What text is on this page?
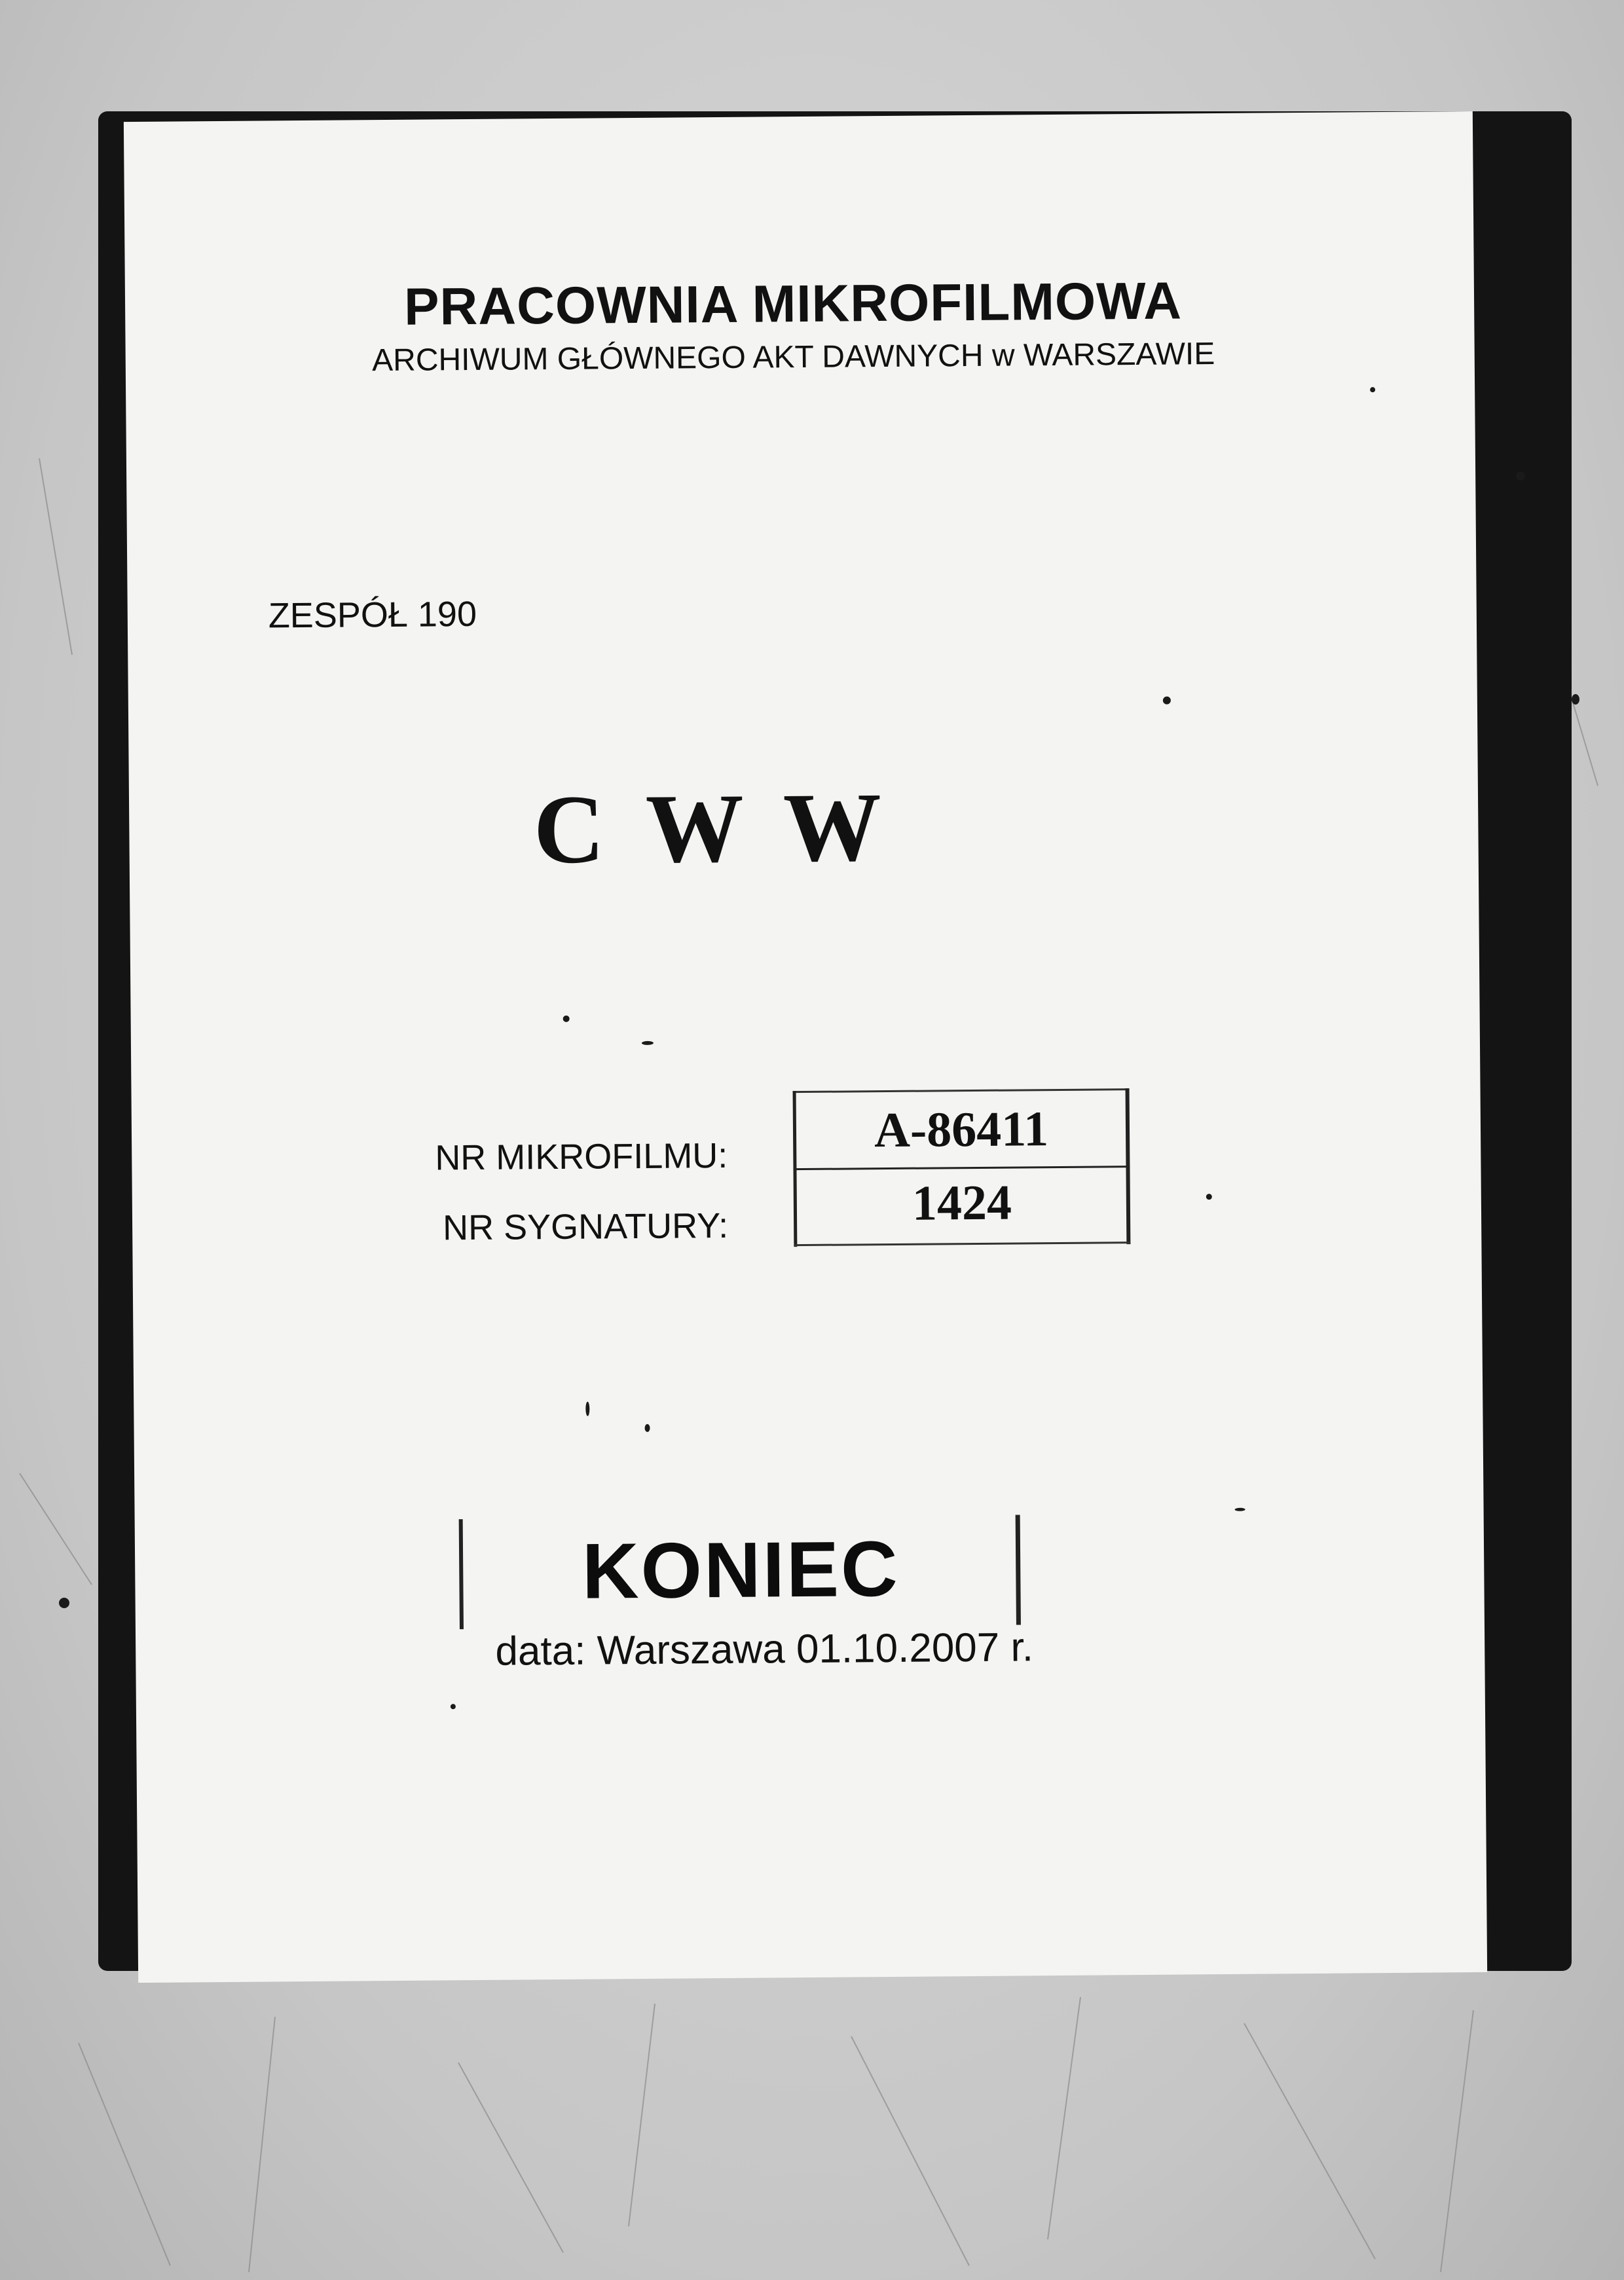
PRACOWNIA MIKROFILMOWA
ARCHIWUM GŁÓWNEGO AKT DAWNYCH w WARSZAWIE
ZESPÓŁ 190
C W W
NR MIKROFILMU:
NR SYGNATURY:
A-86411
1424
KONIEC
data: Warszawa 01.10.2007 r.
